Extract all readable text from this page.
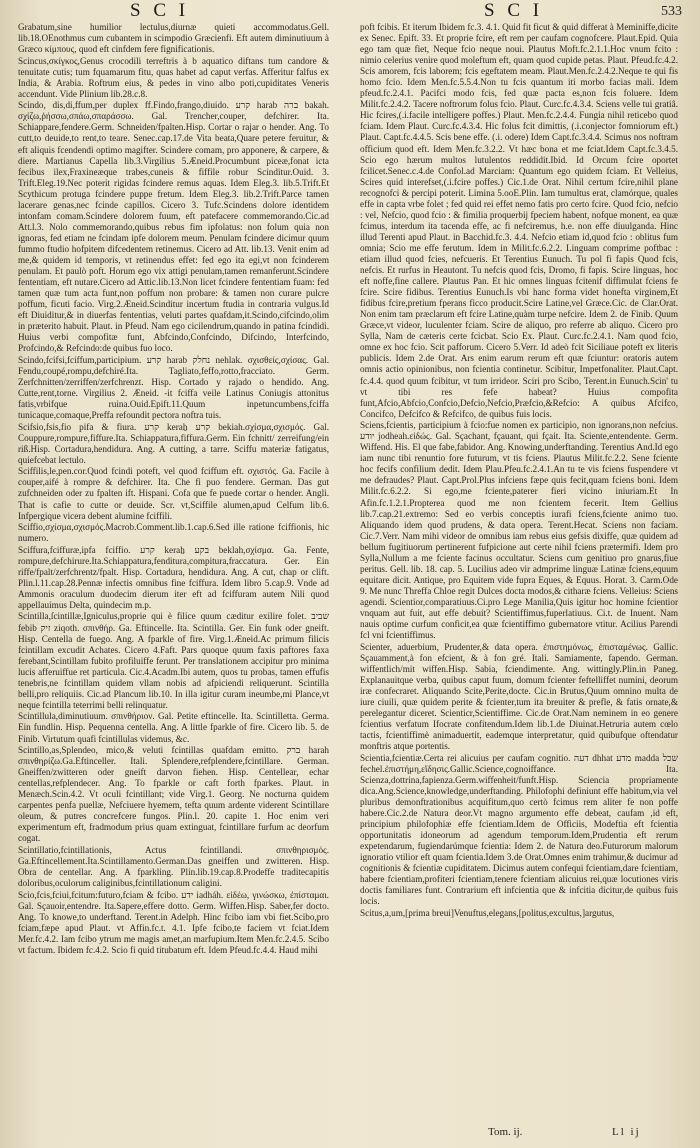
S C I	S C I	533

Grabatum,sine humilior lectulus,diurnæ quieti accommodatus.Gell. lib.18.OEnothmus cum cubantem in scimpodio Græcienfi. Eft autem diminutiuum à Græco κίμπους, quod eft cinfdem fere fignificationis.

Scincus,σκίγκος,Genus crocodili terreftris à b aquatico diftans tum candore & tenuitate cutis; tum fquamarum fitu, quas habet ad caput verfas. Afferitur falfus ex India, & Arabia. Roftrum eius, & pedes in vino albo poti,cupiditates Veneris accendunt. Vide Plinium lib.28.c.8.

Scindo, dis,di,ffum,per duplex ff.Findo,frango,diuido. קרע harab ברה bakah. σχίζω,ῥήσσω,σπάω,σπαράσσω. Gal. Trencher,couper, defchirer. Ita. Schiappare,fendere.Germ. Schneiden/fpalten.Hisp. Cortar o rajar o hender. Ang. To cutt,to deuide,to rent,to teare. Senec.cap.17.de Vita beata,Quare petere feruitur, & eft aliquis fcendendi optimo magifter. Scindere comam, pro apponere, & carpere, & diere. Martianus Capella lib.3.Virgilius 5.Æneid.Procumbunt piceæ,fonat icta fecibus ilex,Fraxineæque trabes,cuneis & fiffile robur Scinditur.Ouid. 3. Trift.Eleg.19.Nec poterit rigidas fcindere remus aquas. Idem Eleg.3. lib.5.Trift.Et Scythicum protuga fcindere puppe fretum. Idem Eleg.3. lib.2.Trift.Parce tamen lacerare genas,nec fcinde capillos. Cicero 3. Tufc.Scindens dolore identidem intonfam comam.Scindere dolorem fuum, eft patefacere commemorando.Cic.ad Att.l.3. Nolo commemorando,quibus rebus fim ipfolatus: non folum quia non ignoras, fed etiam ne fcindam ipfe dolorem meum. Penulam fcindere dicimur quum fummo ftudio hofpitem difcedentem retinemus. Cicero ad Att. lib.13. Venit enim ad me,& quidem id temporis, vt retinendus effet: fed ego ita egi,vt non fcinderem penulam. Et paulò poft. Horum ego vix attigi penulam,tamen remanferunt.Scindere fententiam, eft nutare.Cicero ad Attic.lib.13.Non licet fcindere fententiam fuam: fed tamen quæ tum acta funt,non poffum non probare: & tamen non curare pulcre poffum, ficuti facio. Virg.2.Æneid.Scinditur incertum ftudia in contraria vulgus.Id eft Diuiditur,& in diuerfas fententias, veluti partes quafdam,it.Scindo,cifcindo,olim in præterito habuit. Plaut. in Pfeud. Nam ego cicilendrum,quando in patina fcindidi. Huius verbi compofitæ funt, Abfcindo,Confcindo, Difcindo, Interfcindo, Profcindo,& Refcindo:de quibus fuo loco.

Scindo,fcifsi,fciffum,participium. קרע harab נחלק nehlak. σχισθείς,σχίσας. Gal. Fendu,coupé,rompu,defchiré.Ita. Tagliato,feffo,rotto,fracciato. Germ. Zerfchnitten/zerriffen/zerfchrenzt. Hisp. Cortado y rajado o hendido. Ang. Cutte,rent,torne. Virgilius 2. Æneid. -it fciffa veile Latinus Coniugis attonitus fatis,vrbifque ruina.Ouid.Epift.11.Quum inpetuncumbens,fciffa tunicaque,comaque,Preffa refoundit pectora noftra tuis.

Scifsio,fsis,fio pifa & fiura. קרע keraẖ קרע bekiah.σχίσμα,σχισμός. Gal. Couppure,rompure,fiffure.Ita. Schiappatura,fiffura.Germ. Ein fchnitt/ zerreifung/ein riß.Hisp. Cortadura,hendidura. Ang. A cutting, a tarre. Sciffu materiæ fatigatus, quiefcebat lectulo.

Sciffilis,le,pen.cor.Quod fcindi poteft, vel quod fciffum eft. σχιστός. Ga. Facile à couper,aifé à rompre & defchirer. Ita. Che fi puo fendere. German. Das gut zufchneiden oder zu fpalten ift. Hispani. Cofa que fe puede cortar o hender. Angli. That is cafie to cutte or deuide. Scr. vt,Sciffile alumen,apud Celfum lib.6. Infpergique vicera debent alumine fciffili.

Sciffio,σχίσμα,σχισμός.Macrob.Comment.lib.1.cap.6.Sed ille ratione fciffionis, hic numero.

Sciffura,fciffuræ,ipfa fciffio. קרע keraẖ בקע beklah,σχίσμα. Ga. Fente, rompure,defchirure.Ita.Schiappatura,fenditura,compitura,fraccatura. Ger. Ein riffe/fpalt/zerfchrentz/fpalt. Hisp. Cortadura, hendidura. Ang. A cut, chap or clift. Plin.l.11.cap.28.Pennæ infectis omnibus fine fciffura. Idem libro 5.cap.9. Vnde ad Ammonis oraculum duodecim dierum iter eft ad fciffuram autem Nili quod appellauimus Delta, quindecim m.p.

Scintilla,ſcintillæ,Igniculus,proprie qui è filice quum cæditur exilire folet. שביב febib זיק ziqoth. σπινθήρ. Ga. Eftincelle. Ita. Scintilla. Ger. Ein funk oder gneift. Hisp. Centella de fuego. Ang. A fparkle of fire. Virg.1.Æneid.Ac primum filicis fcintillam excudit Achates. Cicero 4.Faft. Pars quoque quum faxis paftores faxa ferebant,Scintillam fubito profiluiffe ferunt. Per translationem accipitur pro minima lucis afferuiffue ret particula. Cic.4.Acadm.Ibi autem, quos tu probas, tamen effufis tenebris,ne fcintillam quidem vllam nobis ad afpiciendi reliquerunt. Scintilla belli,pro reliquiis. Cic.ad Plancum lib.10. In illa igitur curam ineumbe,mi Plance,vt neque fcintilla teterrimi belli relinquatur.

Scintillula,diminutiuum. σπινθήριον. Gal. Petite eftincelle. Ita. Scintilletta. Germa. Ein fundlin. Hisp. Pequenna centella. Ang. A little fparkle of fire. Cicero lib. 5. de Finib. Virtutum quafi fcintillulas videmus, &c.

Scintillo,as,Splendeo, mico,& veluti fcintillas quafdam emitto. ברק harah σπινθηρίζω.Ga.Eftinceller. Itali. Splendere,refplendere,fcintillare. German. Gneiffen/zwitteren oder gneift darvon fiehen. Hisp. Centellear, echar centellas,refplendecer. Ang. To fparkle or caft forth fparkes. Plaut. in Menæch.Scin.4.2. Vt oculi fcintillant; vide Virg.1. Georg. Ne nocturna quidem carpentes penfa puellæ, Nefciuere hyemem, tefta quum ardente viderent Scintillare oleum, & putres concrefcere fungos. Plin.l. 20. capite 1. Hoc enim veri experimentum eft, fradmodum prius quam extinguat, fcintillare furfum ac deorfum cogat.

Scintillatio,fcintillationis, Actus fcintillandi. σπινθηρισμός. Ga.Eftincellement.Ita.Scintillamento.German.Das gneiffen und zwitteren. Hisp. Obra de centellar. Ang. A fparkling. Plin.lib.19.cap.8.Prodeffe traditecapitis doloribus,oculorum caliginibus,fcintillationum caligini.

Scio,fcis,fciui,fcitum:futuro,fciam & fcibo. ידע iadháh. εἰδέω, γινώσκω, ἐπίσταμαι. Gal. Sçauoir,entendre. Ita.Sapere,effere dotto. Germ. Wiffen.Hisp. Saber,fer docto. Ang. To knowe,to underftand. Terent.in Adelph. Hinc fcibo iam vbi fiet.Scibo,pro fciam,fæpe apud Plaut. vt Affin.fc.t. 4.1. Ipfe fcibo,te faciem vt fciat.Idem Mer.fc.4.2. Iam fcibo ytrum me magis amet,an marfupium.Item Men.fc.2.4.5. Scibo vt factum. Ibidem fc.4.2. Scio fi quid titubatum eft. Idem Pfeud.fc.4.4. Haud mihi

poft fcibis. Et iterum Ibidem fc.3. 4.1. Quid fit ficut & quid differat à Meminiffe,dicite ex Senec. Epift. 33. Et proprie fcire, eft rem per caufam cognofcere. Plaut.Epid. Quia ego tam quæ fiet, Neque fcio neque noui. Plautus Moft.fc.2.1.1.Hoc vnum fcito : nimio celerius venire quod moleftum eft, quam quod cupide petas. Plaut. Pfeud.fc.4.2. Scis amorem, fcis laborem; fcis egeftatem meam. Plaut.Men.fc.2.4.2.Neque te qui fis homo fcio. Idem Men.fc.5.5.4.Non tu fcis quantum iti morbo facias mali. Idem pfeud.fc.2.4.1. Pacifci modo fcis, fed quæ pacta es,non fcis foluere. Idem Milit.fc.2.4.2. Tacere noftrorum folus fcio. Plaut. Curc.fc.4.3.4. Sciens velle tui gratiâ. Hic fcires,(.i.facile intelligere poffes.) Plaut. Men.fc.2.4.4. Fungia nihil reticebo quod fciam. Idem Plaut. Curc.fc.4.3.4. Hic folus fcit dimittis, (.i.conjector fomniorum eft.) Plaut. Capt.fc.4.4.5. Scis bene effe. (.i. odere) Idem Capt.fc.3.4.4. Scimus nos noftram officium quod eft. Idem Men.fc.3.2.2. Vt hæc bona et me fciat.Idem Capt.fc.3.4.5. Scio ego hærum multos lutulentos reddidit.Ibid. Id Orcum fcire oportet fcilicet.Senec.c.4.de Confol.ad Marciam: Quantum ego quidem fciam. Et Velleius, Scires quid interefset,(.i.fcire poffes.) Cic.1.de Orat. Nihil certum fcire,nihil plane recognofci & percipi poterit. Limina 5.ooE.Plin. Iam tumultus erat, clamórque, quales effe in capta vrbe folet ; fed quid rei effet nemo fatis pro certo fcire. Quod fcio, nefcio : vel, Nefcio, quod fcio : & fimilia proquerbij fpeciem habent, nofque monent, ea quæ fcimus, interdum ita tacenda effe, ac fi nefciremus, h.e. non effe diuulganda. Hinc illud Terenti apud Plaut. in Bacchid.fc.3. 4.4. Nefcio etiam id,quod fcio : oblitus fum omnia; Scio me effe ferutum. Idem in Milit.fc.6.2.2. Linguam comprime poftbac : etiam illud quod fcies, nefcueris. Et Terentius Eunuch. Tu pol fi fapis Quod fcis, nefcis. Et rurfus in Heautont. Tu nefcis quod fcis, Dromo, fi fapis. Scire linguas, hoc eft noffe,fine callere. Plautus Pan. Et hic omnes linguas fcitenif diffimulat fciens fe fcire. Scire fidibus. Terentius Eunuch.Is vbi hanc forma videt honefta virginem,Et fidibus fcire,pretium fperans ficco producit.Scire Latine,vel Græce.Cic. de Clar.Orat. Non enim tam præclarum eft fcire Latine,quàm turpe nefcire. Idem 2. de Finib. Quum Græce,vt videor, luculenter fciam. Scire de aliquo, pro referre ab aliquo. Cicero pro Sylla, Nam de cæteris certe fcicbat. Scio Ex. Plaut. Curc.fc.2.4.1. Nam quod fcio, omne ex hoc fcio. Scit pafforum. Cicero 5.Verr. Id adeò fcit Siciliaue poteft ex literis publicis. Idem 2.de Orat. Ars enim earum rerum eft quæ fciuntur: oratoris autem omnis actio opinionibus, non fcientia continetur. Scibitur, Impetfonaliter. Plaut.Capt. fc.4.4. quod quum fcibitur, vt tum irrideor. Sciri pro Scibo, Terent.in Eunuch.Scin' tu vt tibi res fefe habeat? Huius compofita funt,Afcio,Abfcio,Confcio,Defcio,Nefcio,Præfcio,&Refcio: A quibus Afcifco, Concifco, Defcifco & Refcifco, de quibus fuis locis.

Sciens,fcientis, participium à fcio:fue nomen ex participio, non ignorans,non nefcius. יודע jodheah.εἰδώς. Gal. Sçachant, fçauant, qui fçait. Ita. Sciente,entendente. Germ. Wiffend. His. El que fabe,fabidor. Ang. Knowing,underftanding. Terentius And.Id ego iam nunc tibi renuntio fore futurum, vt tis fciens. Plautus Milit.fc.2.2. Sene fciente hoc fecifs confilium dedit. Idem Plau.Pfeu.fc.2.4.1.An tu te vis fciens fuspendere vt me defraudes? Plaut. Capt.Prol.Plus infciens fæpe quis fecit,quam fciens boni. Idem Milit.fc.6.2.2. Si ego,me fciente,paterer fieri vicino iniuriam.Et In Afin.fc.1.2.1.Propterea quod me non fcientem fecerit. Item Gellius lib.7.cap.21.extremo: Sed eo verbis conceptis iurafi fciens,fciente animo tuo. Aliquando idem quod prudens, & data opera. Terent.Hecat. Sciens non faciam. Cic.7.Verr. Nam mihi videor de omnibus iam rebus eius gefsis dixiffe, quæ quidem ad bellum fugitiuorum pertinerent fufpicione aut certe nihil fciens prætermifi. Idem pro Sylla,Nullum a me fciente facinus occultatur. Sciens cum genitiuo pro gnarus,fiue peritus. Gell. lib. 18. cap. 5. Lucilius adeo vir admprime linguæ Latinæ fciens,equum equitare dicit. Antique, pro Equitem vide fupra Eques, & Equus. Horat. 3. Carm.Ode 9. Me nunc Threffa Chloe regit Dulces docta modos,& citharæ fciens. Velleius: Sciens agendi. Scientior,comparatiuus.Ci.pro Lege Manilia,Quis igitur hoc homine fcientior vnquam aut fuit, aut effe debuit? Scientiffimus,fuperlatiuus. Ci.t. de Inuent. Nam nauis optime curfum conficit,ea quæ fcientiffimo gubernatore vtitur. Acilius Parendi fcl vni fcientiffimus.

Scienter, aduerbium, Prudenter,& data opera. ἐπιστημόνως, ἐπισταμένως. Gallic. Sçauamment,à fon efcient, & à fon gré. Itali. Samiamente, fapendo. German. wiffentlich/mit wiffen.Hisp. Sabia, fciendimente. Ang. wittingly.Plin.in Paneg. Explanauitque verba, quibus caput fuum, domum fcienter feftelliffet numini, deorum iræ confecraret. Aliquando Scite,Perite,docte. Cic.in Brutus,Quum omnino multa de iure ciuili, quæ quidem perite & fcienter,tum ita breuiter & prefle, & fatis ornate,& perelegantur diceret. Scienticr,Scientiffime. Cic.de Orat.Nam neminem in eo genere fcientius verfatum Ifocrate confitendum.Idem lib.1.de Diuinat.Hetruria autem cœlo tactis, fcientiffimè animaduertit, eademque interpretatur, quid quibufque oftendatur monftris atque portentis.

Scientia,fcientiæ.Certa rei alicuius per caufam cognitio. דעה dhhat מדע madda שכל fechel.ἐπιστήμη,εἴδησις.Gallic.Science,cognoiffance. Ita. Scienza,dottrina,fapienza.Germ.wiffenheit/funft.Hisp. Sciencia propriamente dica.Ang.Science,knowledge,underftanding. Philofophi definiunt effe habitum,via vel pluribus demonftrationibus acquifitum,quo certò fcimus rem aliter fe non poffe habere.Cic.2.de Natura deor.Vt magno argumento effe debeat, caufam ,id eft, principium philofophiæ effe fcientiam.Idem de Officiis, Modeftia eft fcientia opportunitatis idoneorum ad agendum temporum.Idem,Prudentia eft rerum expetendarum, fugiendarúmque fcientia: Idem 2. de Natura deo.Futurorum malorum ignoratio vtilior eft quam fcientia.Idem 3.de Orat.Omnes enim trahimur,& ducimur ad cognitionis & fcientiæ cupiditatem. Dicimus autem confequi fcientiam,dare fcientiam, habere fcientiam,profiteri fcientiam,tenere fcientiam alicuius rei,quæ locutiones viris doctis familiares funt. Contrarium eft infcientia que & infcitia dicitur,de quibus fuis locis.

Scitus,a,um,[prima breui]Venuftus,elegans,[politus,excultus,]argutus,

Tom. ij.	Ll ij
